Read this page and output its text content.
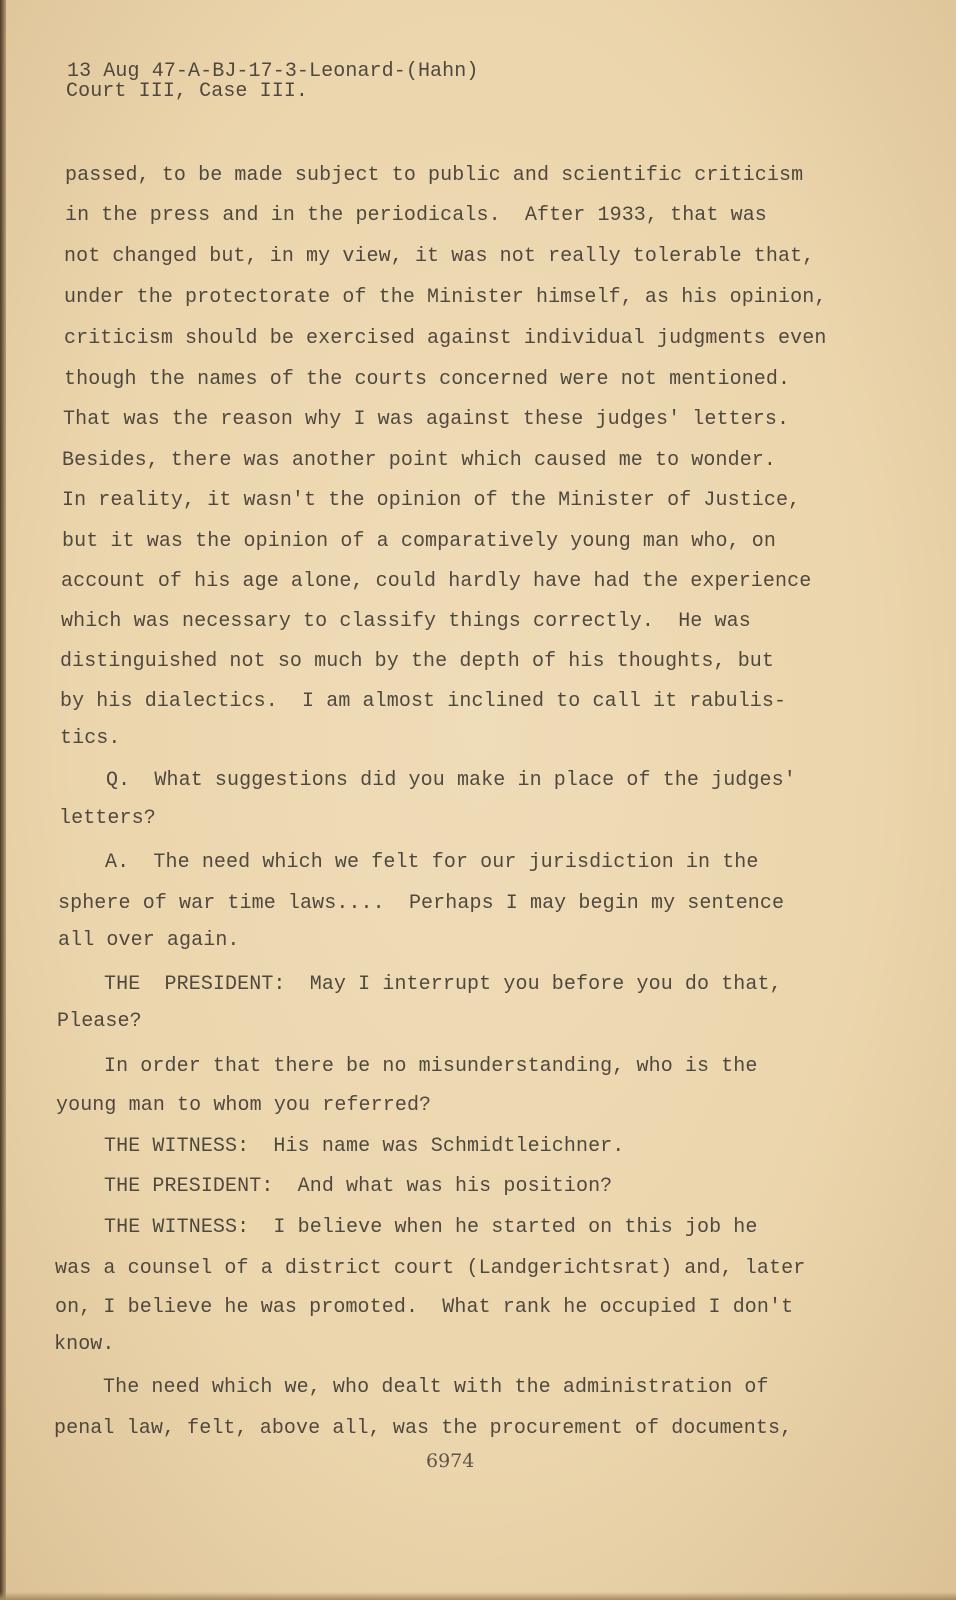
13 Aug 47-A-BJ-17-3-Leonard-(Hahn)
Court III, Case III.
passed, to be made subject to public and scientific criticism
in the press and in the periodicals.  After 1933, that was
not changed but, in my view, it was not really tolerable that,
under the protectorate of the Minister himself, as his opinion,
criticism should be exercised against individual judgments even
though the names of the courts concerned were not mentioned.
That was the reason why I was against these judges' letters.
Besides, there was another point which caused me to wonder.
In reality, it wasn't the opinion of the Minister of Justice,
but it was the opinion of a comparatively young man who, on
account of his age alone, could hardly have had the experience
which was necessary to classify things correctly.  He was
distinguished not so much by the depth of his thoughts, but
by his dialectics.  I am almost inclined to call it rabulis-
tics.
Q.  What suggestions did you make in place of the judges'
letters?
A.  The need which we felt for our jurisdiction in the
sphere of war time laws....  Perhaps I may begin my sentence
all over again.
THE  PRESIDENT:  May I interrupt you before you do that,
Please?
In order that there be no misunderstanding, who is the
young man to whom you referred?
THE WITNESS:  His name was Schmidtleichner.
THE PRESIDENT:  And what was his position?
THE WITNESS:  I believe when he started on this job he
was a counsel of a district court (Landgerichtsrat) and, later
on, I believe he was promoted.  What rank he occupied I don't
know.
The need which we, who dealt with the administration of
penal law, felt, above all, was the procurement of documents,
6974
